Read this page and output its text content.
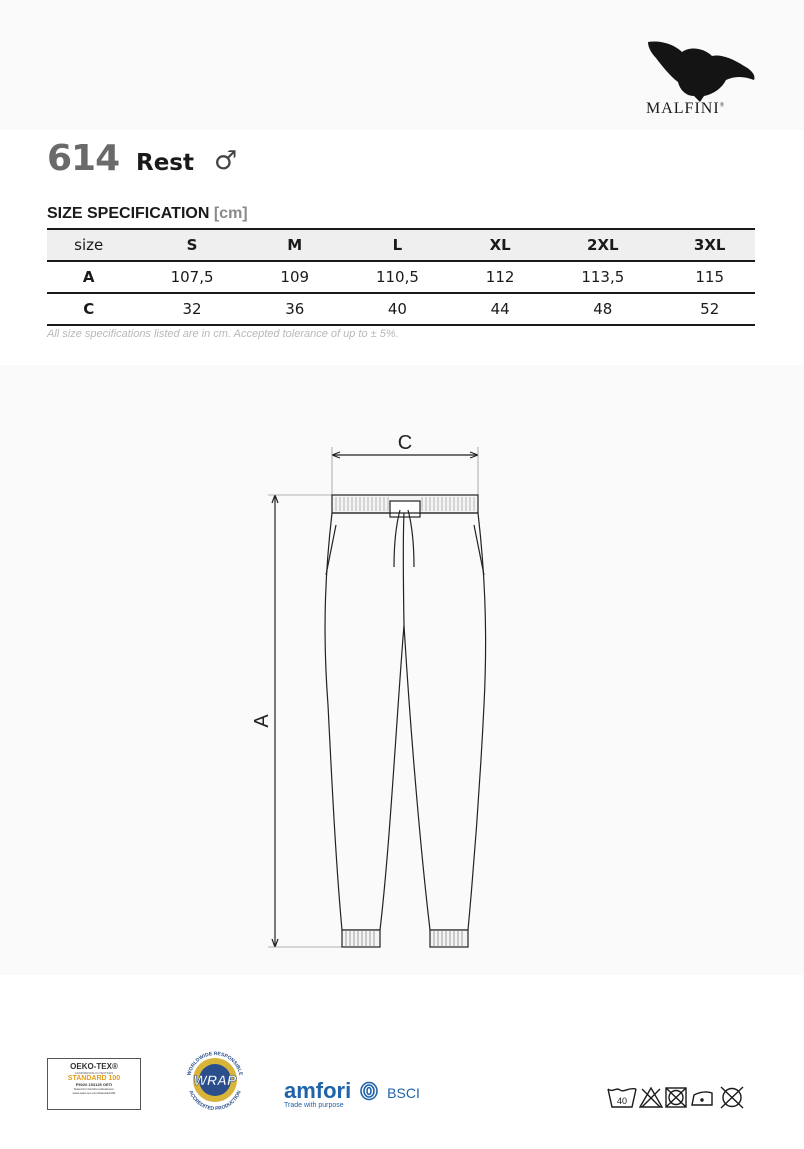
MALFINI®
614 Rest ♂
SIZE SPECIFICATION [cm]
size	S	M	L	XL	2XL	3XL
A	107,5	109	110,5	112	113,5	115
C	32	36	40	44	48	52
All size specifications listed are in cm. Accepted tolerance of up to ± 5%.
C
A
OEKO-TEX®
CONFIDENCE IN TEXTILES
STANDARD 100
P5020 153125 OETI
Tested for harmful substances.
www.oeko-tex.com/standard100
WORLDWIDE RESPONSIBLE
WRAP
ACCREDITED PRODUCTION amfori	BSCI
Trade with purpose	40
